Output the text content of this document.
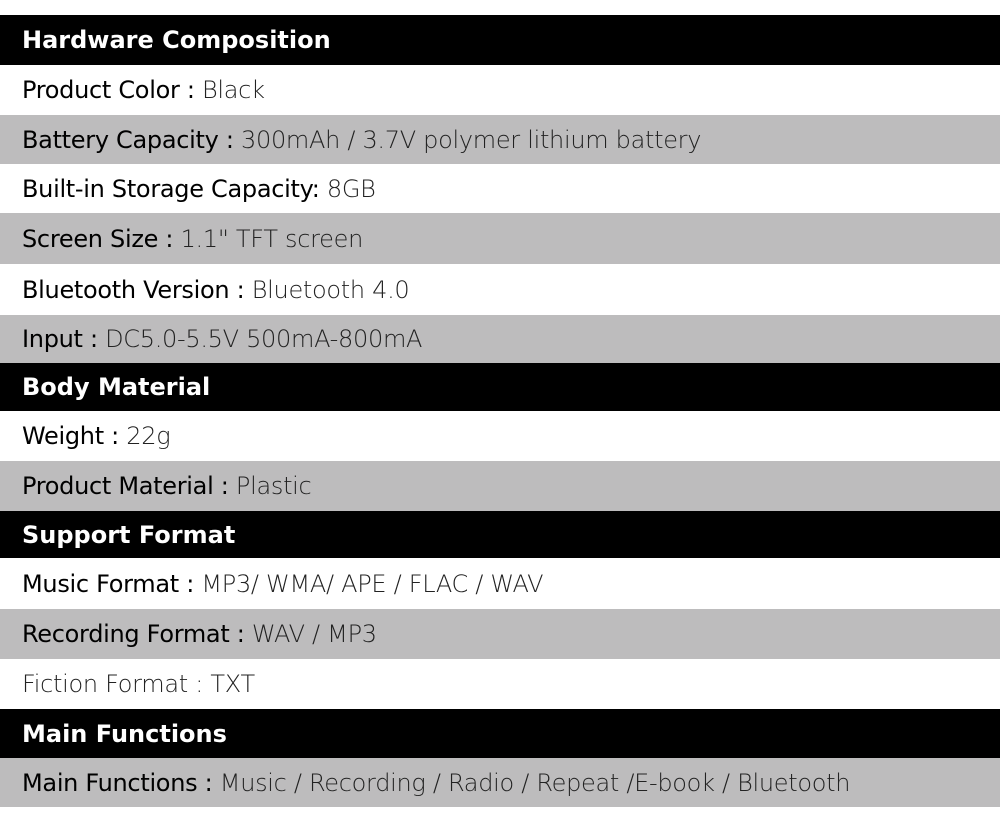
Hardware Composition
Product Color :
Black
Battery Capacity :
300mAh / 3.7V polymer lithium battery
Built-in Storage Capacity:
8GB
Screen Size :
1.1" TFT screen
Bluetooth Version :
Bluetooth 4.0
Input :
DC5.0-5.5V 500mA-800mA
Body Material
Weight :
22g
Product Material :
Plastic
Support Format
Music Format :
MP3/ WMA/ APE / FLAC / WAV
Recording Format :
WAV / MP3
Fiction Format :
TXT
Main Functions
Main Functions :
Music / Recording / Radio / Repeat /E-book / Bluetooth
